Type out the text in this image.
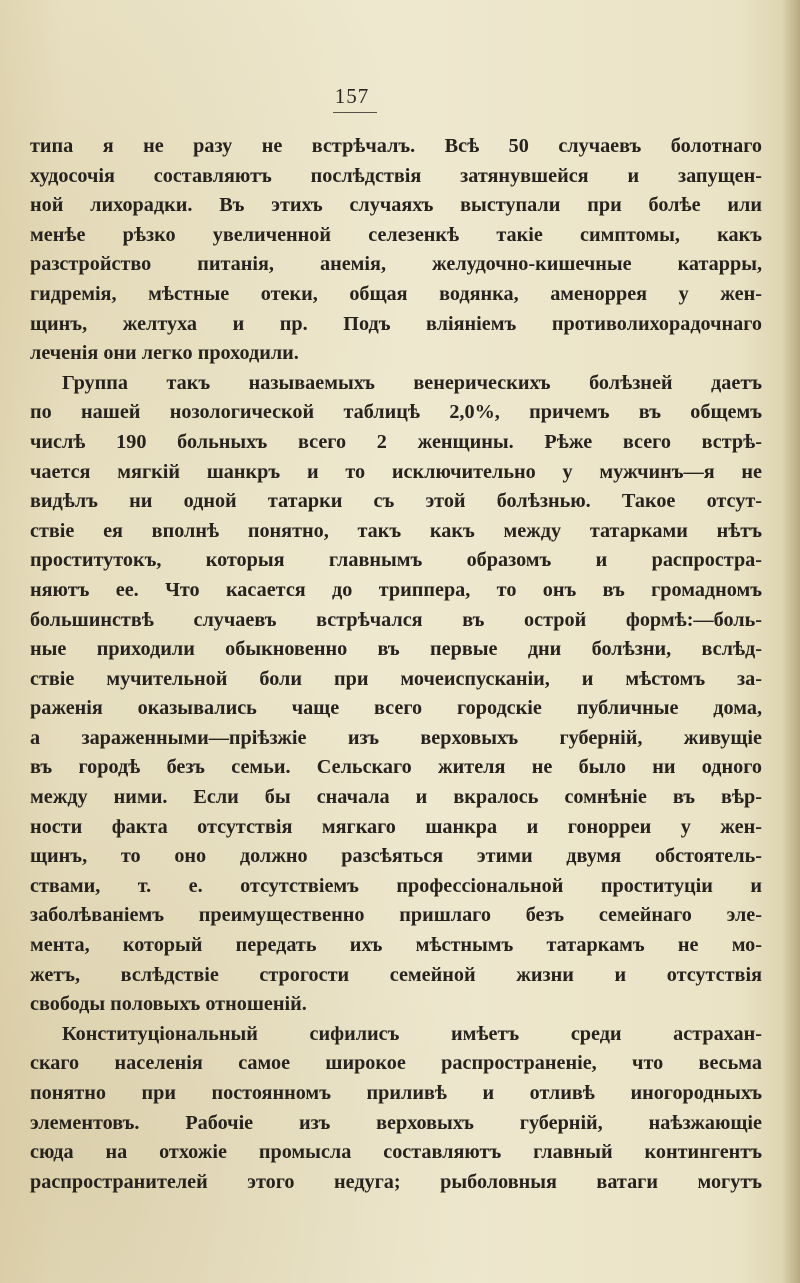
157
типа я не разу не встрѣчалъ. Всѣ 50 случаевъ болотнаго
худосочія составляютъ послѣдствія затянувшейся и запущен-
ной лихорадки. Въ этихъ случаяхъ выступали при болѣе или
менѣе рѣзко увеличенной селезенкѣ такіе симптомы, какъ
разстройство питанія, анемія, желудочно-кишечные катарры,
гидремія, мѣстные отеки, общая водянка, аменоррея у жен-
щинъ, желтуха и пр. Подъ вліяніемъ противолихорадочнаго
леченія они легко проходили.
Группа такъ называемыхъ венерическихъ болѣзней даетъ
по нашей нозологической таблицѣ 2,0%, причемъ въ общемъ
числѣ 190 больныхъ всего 2 женщины. Рѣже всего встрѣ-
чается мягкій шанкръ и то исключительно у мужчинъ—я не
видѣлъ ни одной татарки съ этой болѣзнью. Такое отсут-
ствіе ея вполнѣ понятно, такъ какъ между татарками нѣтъ
проститутокъ, которыя главнымъ образомъ и распростра-
няютъ ее. Что касается до триппера, то онъ въ громадномъ
большинствѣ случаевъ встрѣчался въ острой формѣ:—боль-
ные приходили обыкновенно въ первые дни болѣзни, вслѣд-
ствіе мучительной боли при мочеиспусканіи, и мѣстомъ за-
раженія оказывались чаще всего городскіе публичные дома,
а зараженными—пріѣзжіе изъ верховыхъ губерній, живущіе
въ городѣ безъ семьи. Сельскаго жителя не было ни одного
между ними. Если бы сначала и вкралось сомнѣніе въ вѣр-
ности факта отсутствія мягкаго шанкра и гонорреи у жен-
щинъ, то оно должно разсѣяться этими двумя обстоятель-
ствами, т. е. отсутствіемъ профессіональной проституціи и
заболѣваніемъ преимущественно пришлаго безъ семейнаго эле-
мента, который передать ихъ мѣстнымъ татаркамъ не мо-
жетъ, вслѣдствіе строгости семейной жизни и отсутствія
свободы половыхъ отношеній.
Конституціональный сифилисъ имѣетъ среди астрахан-
скаго населенія самое широкое распространеніе, что весьма
понятно при постоянномъ приливѣ и отливѣ иногородныхъ
элементовъ. Рабочіе изъ верховыхъ губерній, наѣзжающіе
сюда на отхожіе промысла составляютъ главный контингентъ
распространителей этого недуга; рыболовныя ватаги могутъ
